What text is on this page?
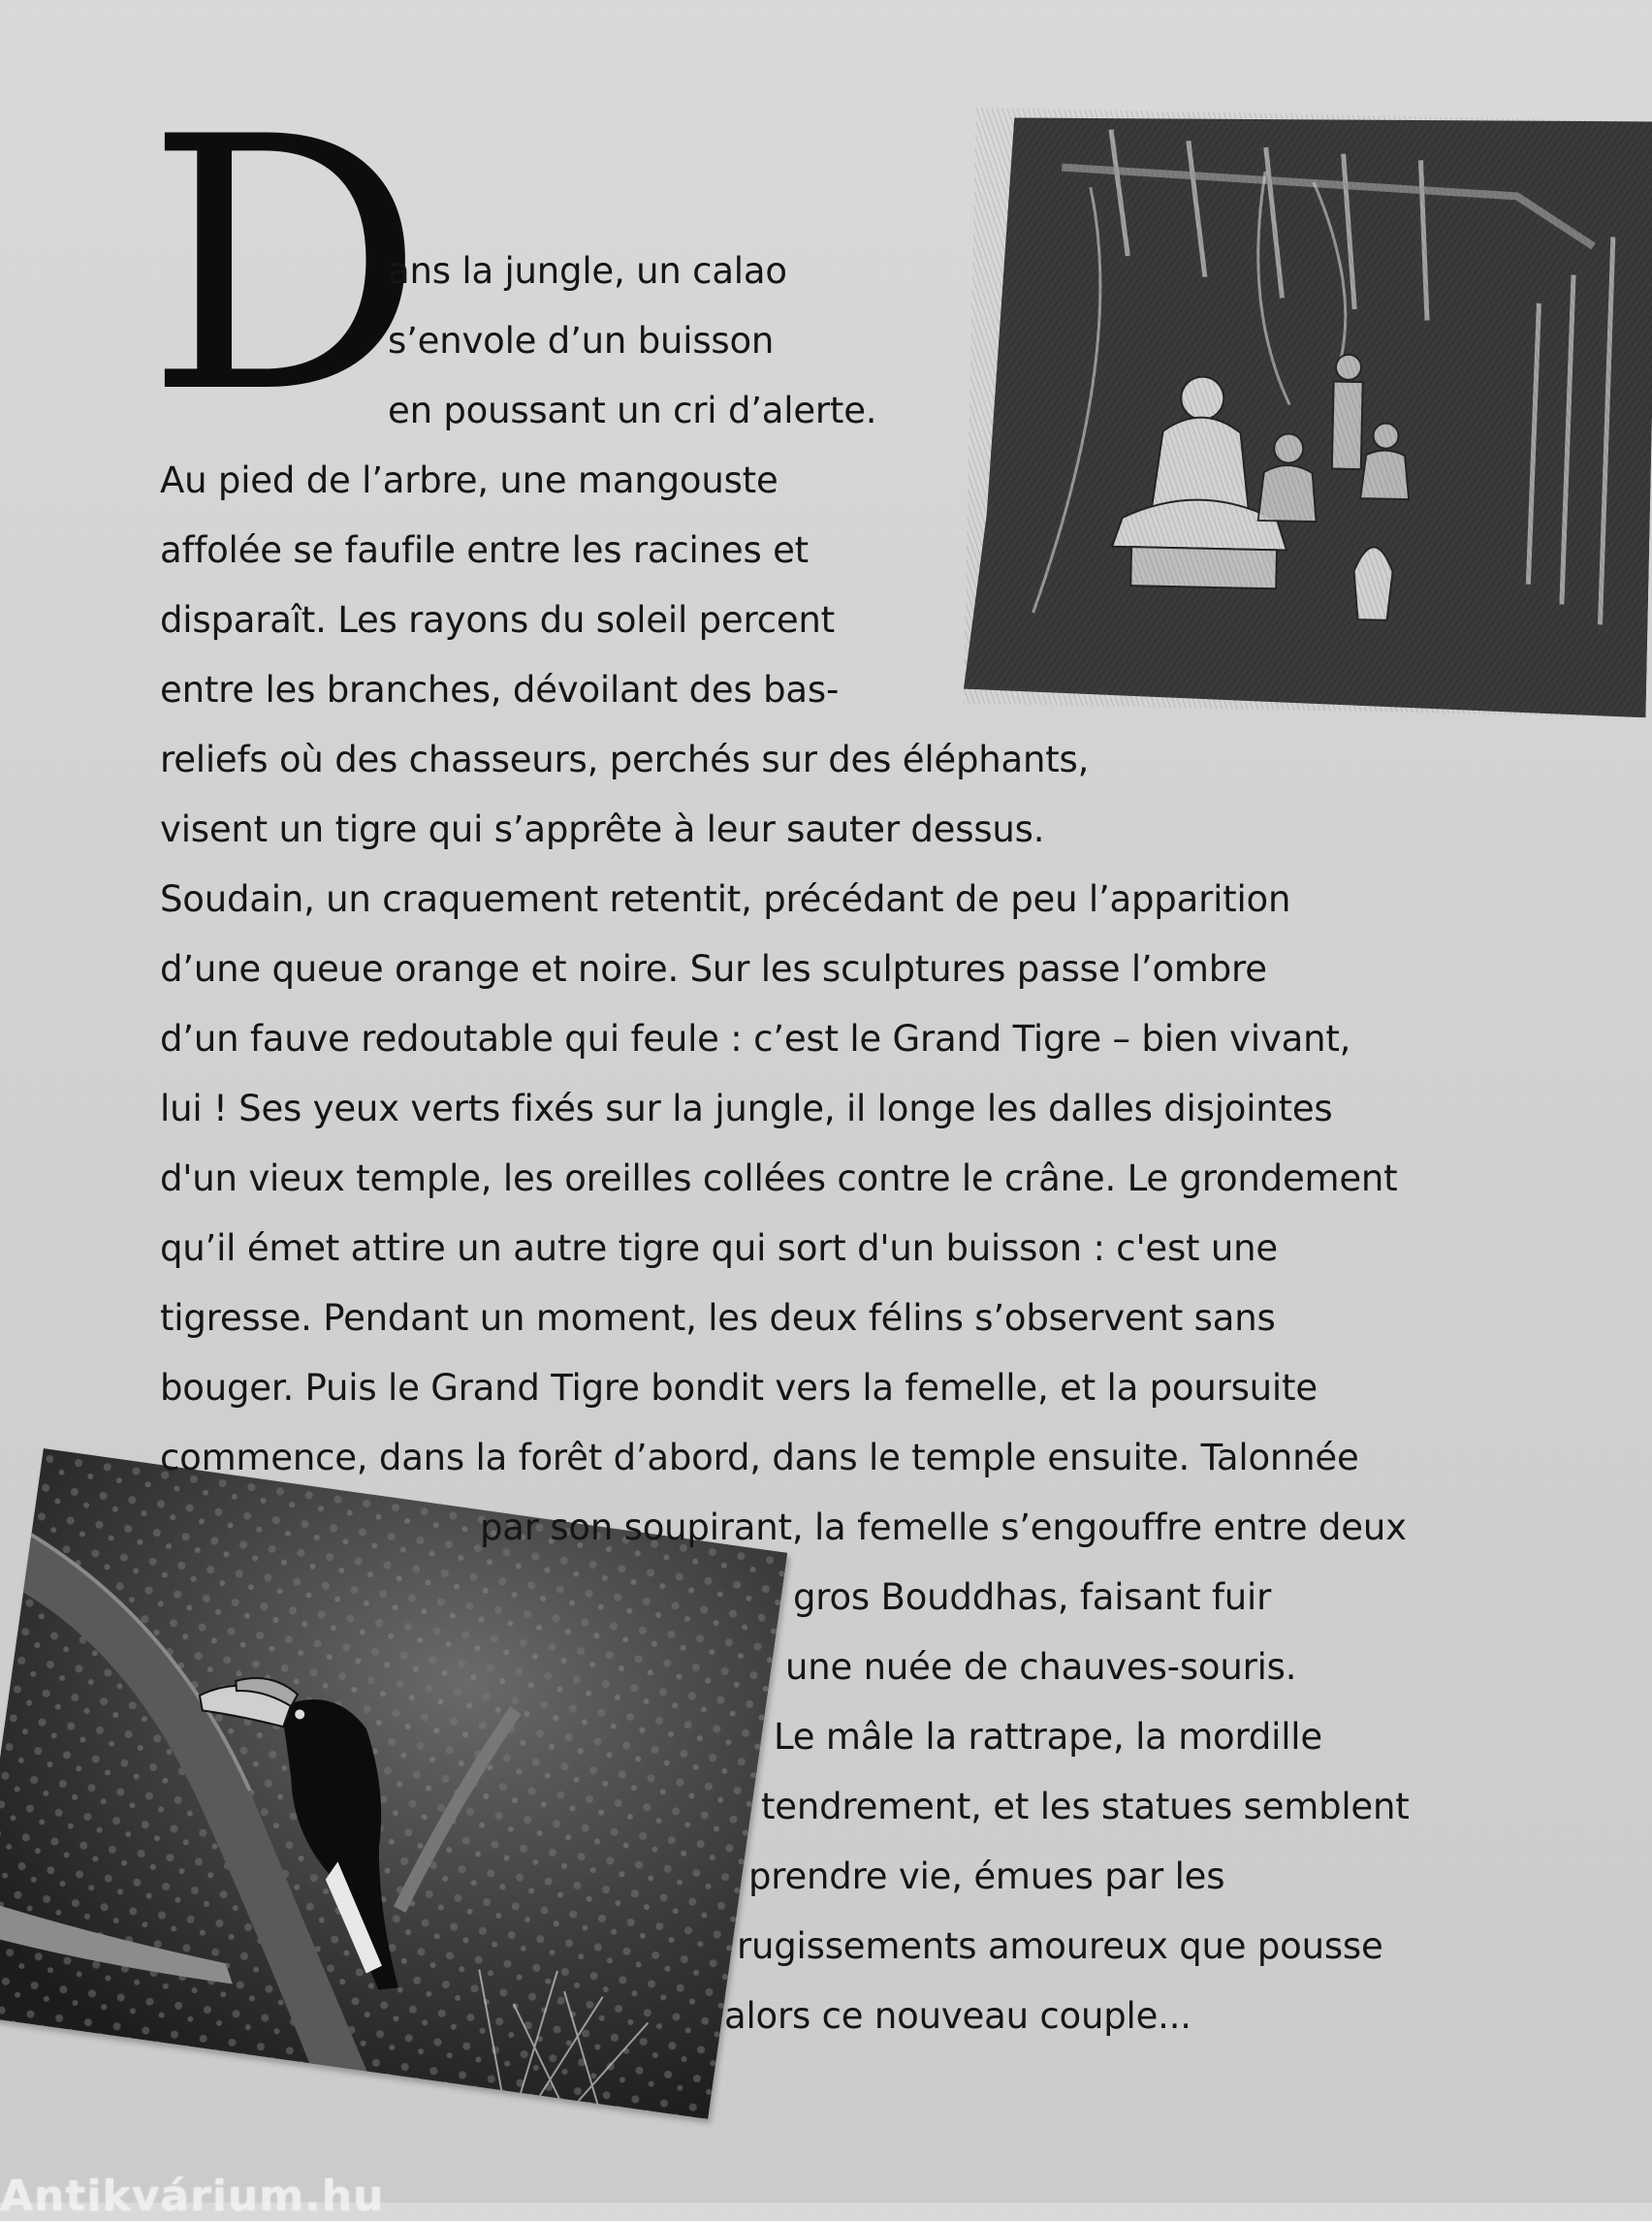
D
ans la jungle, un calao
s’envole d’un buisson
en poussant un cri d’alerte.
Au pied de l’arbre, une mangouste
affolée se faufile entre les racines et
disparaît. Les rayons du soleil percent
entre les branches, dévoilant des bas-
reliefs où des chasseurs, perchés sur des éléphants,
visent un tigre qui s’apprête à leur sauter dessus.
Soudain, un craquement retentit, précédant de peu l’apparition
d’une queue orange et noire. Sur les sculptures passe l’ombre
d’un fauve redoutable qui feule : c’est le Grand Tigre – bien vivant,
lui ! Ses yeux verts fixés sur la jungle, il longe les dalles disjointes
d'un vieux temple, les oreilles collées contre le crâne. Le grondement
qu’il émet attire un autre tigre qui sort d'un buisson : c'est une
tigresse. Pendant un moment, les deux félins s’observent sans
bouger. Puis le Grand Tigre bondit vers la femelle, et la poursuite
commence, dans la forêt d’abord, dans le temple ensuite. Talonnée
par son soupirant, la femelle s’engouffre entre deux
gros Bouddhas, faisant fuir
une nuée de chauves-souris.
Le mâle la rattrape, la mordille
tendrement, et les statues semblent
prendre vie, émues par les
rugissements amoureux que pousse
alors ce nouveau couple...
Antikvárium.hu
